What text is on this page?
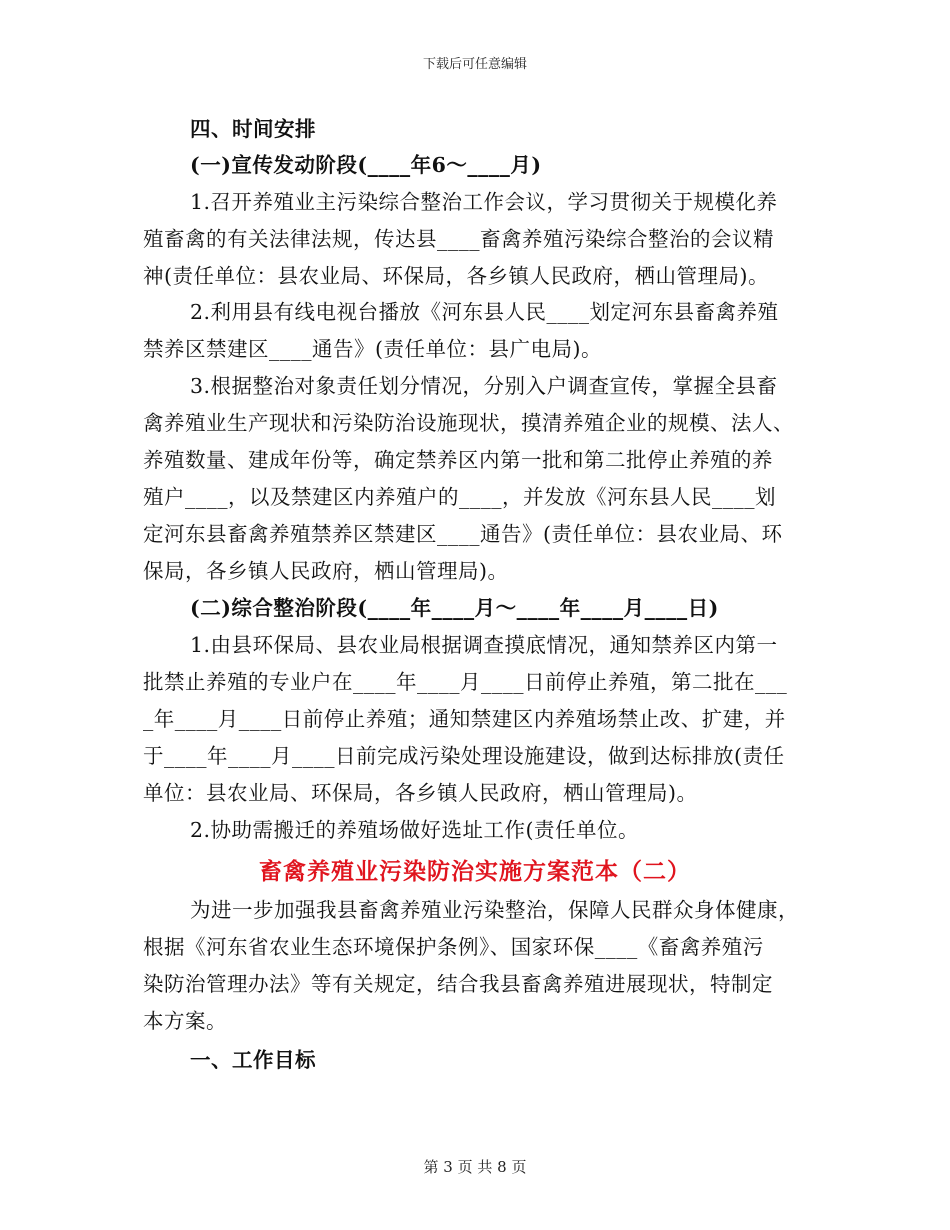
下载后可任意编辑
四、时间安排
(一)宣传发动阶段(____年6～____月)
1.召开养殖业主污染综合整治工作会议，学习贯彻关于规模化养
殖畜禽的有关法律法规，传达县____畜禽养殖污染综合整治的会议精
神(责任单位：县农业局、环保局，各乡镇人民政府，栖山管理局)。
2.利用县有线电视台播放《河东县人民____划定河东县畜禽养殖
禁养区禁建区____通告》(责任单位：县广电局)。
3.根据整治对象责任划分情况，分别入户调查宣传，掌握全县畜
禽养殖业生产现状和污染防治设施现状，摸清养殖企业的规模、法人、
养殖数量、建成年份等，确定禁养区内第一批和第二批停止养殖的养
殖户____，以及禁建区内养殖户的____，并发放《河东县人民____划
定河东县畜禽养殖禁养区禁建区____通告》(责任单位：县农业局、环
保局，各乡镇人民政府，栖山管理局)。
(二)综合整治阶段(____年____月～____年____月____日)
1.由县环保局、县农业局根据调查摸底情况，通知禁养区内第一
批禁止养殖的专业户在____年____月____日前停止养殖，第二批在___
_年____月____日前停止养殖；通知禁建区内养殖场禁止改、扩建，并
于____年____月____日前完成污染处理设施建设，做到达标排放(责任
单位：县农业局、环保局，各乡镇人民政府，栖山管理局)。
2.协助需搬迁的养殖场做好选址工作(责任单位。
畜禽养殖业污染防治实施方案范本（二）
为进一步加强我县畜禽养殖业污染整治，保障人民群众身体健康，
根据《河东省农业生态环境保护条例》、国家环保____《畜禽养殖污
染防治管理办法》等有关规定，结合我县畜禽养殖进展现状，特制定
本方案。
一、工作目标
第 3 页 共 8 页
